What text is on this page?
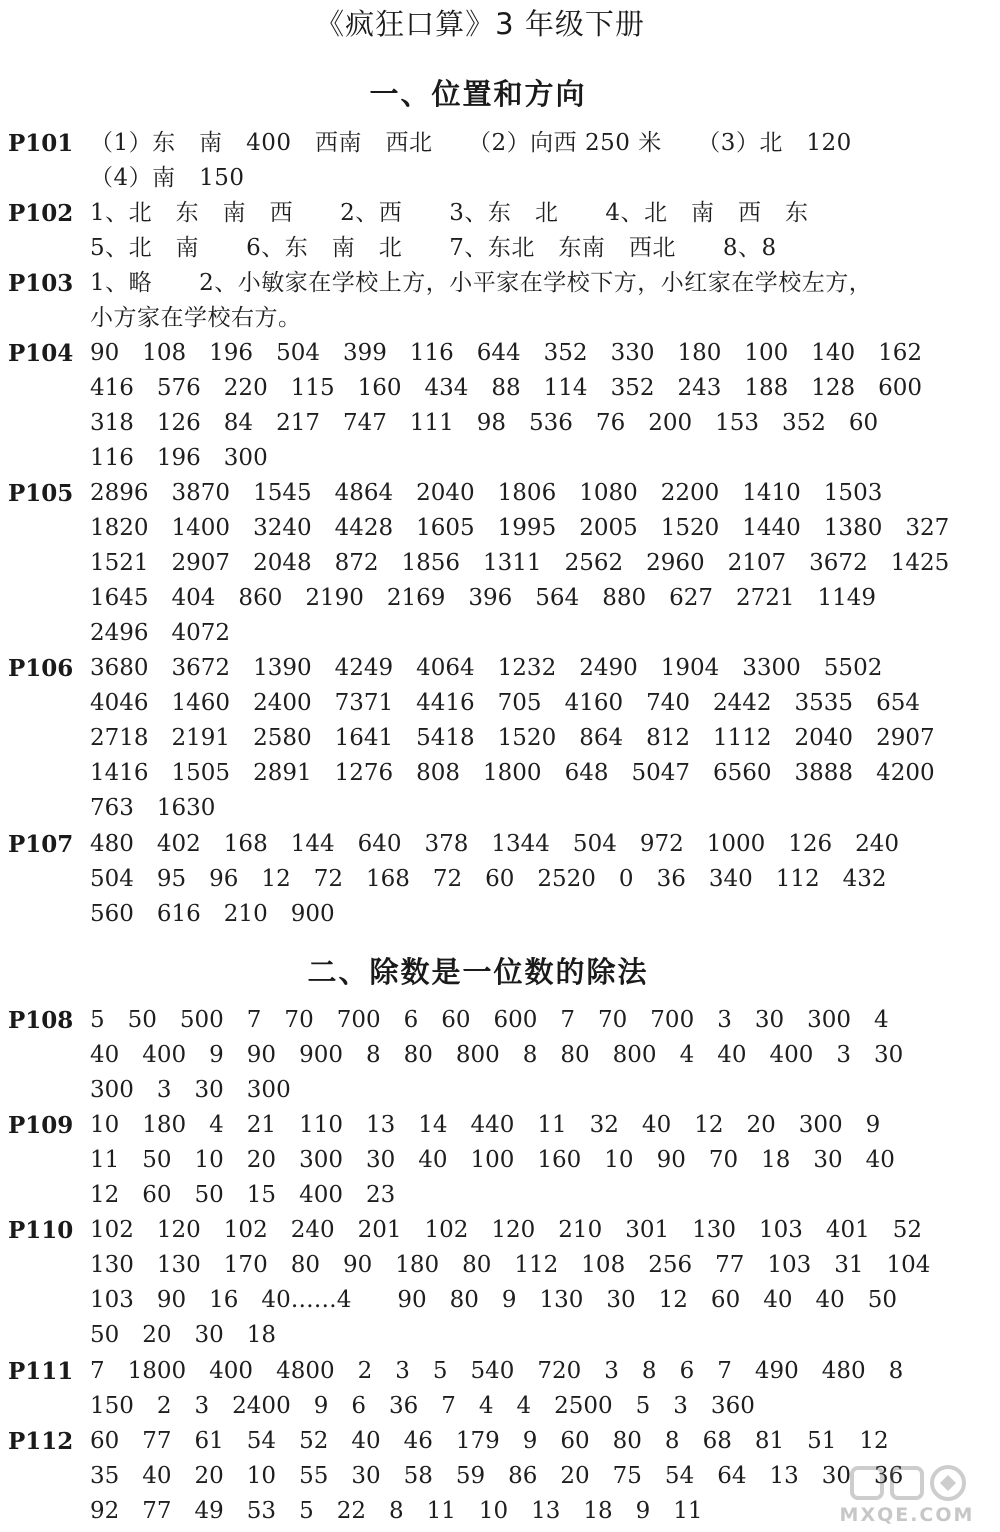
《疯狂口算》3 年级下册
一、位置和方向
P101 （1）东　南　400　西南　西北　　（2）向西 250 米　　（3）北　120
（4）南　150
P102 1、北　东　南　西　　2、西　　3、东　北　　4、北　南　西　东
5、北　南　　6、东　南　北　　7、东北　东南　西北　　8、8
P103 1、略　　2、小敏家在学校上方，小平家在学校下方，小红家在学校左方，
小方家在学校右方。
P104 90　108　196　504　399　116　644　352　330　180　100　140　162
416　576　220　115　160　434　88　114　352　243　188　128　600
318　126　84　217　747　111　98　536　76　200　153　352　60
116　196　300
P105 2896　3870　1545　4864　2040　1806　1080　2200　1410　1503
1820　1400　3240　4428　1605　1995　2005　1520　1440　1380　327
1521　2907　2048　872　1856　1311　2562　2960　2107　3672　1425
1645　404　860　2190　2169　396　564　880　627　2721　1149
2496　4072
P106 3680　3672　1390　4249　4064　1232　2490　1904　3300　5502
4046　1460　2400　7371　4416　705　4160　740　2442　3535　654
2718　2191　2580　1641　5418　1520　864　812　1112　2040　2907
1416　1505　2891　1276　808　1800　648　5047　6560　3888　4200
763　1630
P107 480　402　168　144　640　378　1344　504　972　1000　126　240
504　95　96　12　72　168　72　60　2520　0　36　340　112　432
560　616　210　900
二、除数是一位数的除法
P108 5　50　500　7　70　700　6　60　600　7　70　700　3　30　300　4
40　400　9　90　900　8　80　800　8　80　800　4　40　400　3　30
300　3　30　300
P109 10　180　4　21　110　13　14　440　11　32　40　12　20　300　9
11　50　10　20　300　30　40　100　160　10　90　70　18　30　40
12　60　50　15　400　23
P110 102　120　102　240　201　102　120　210　301　130　103　401　52
130　130　170　80　90　180　80　112　108　256　77　103　31　104
103　90　16　40……4　　90　80　9　130　30　12　60　40　40　50
50　20　30　18
P111 7　1800　400　4800　2　3　5　540　720　3　8　6　7　490　480　8
150　2　3　2400　9　6　36　7　4　4　2500　5　3　360
P112 60　77　61　54　52　40　46　179　9　60　80　8　68　81　51　12
35　40　20　10　55　30　58　59　86　20　75　54　64　13　30　36
92　77　49　53　5　22　8　11　10　13　18　9　11	MXQE.COM
